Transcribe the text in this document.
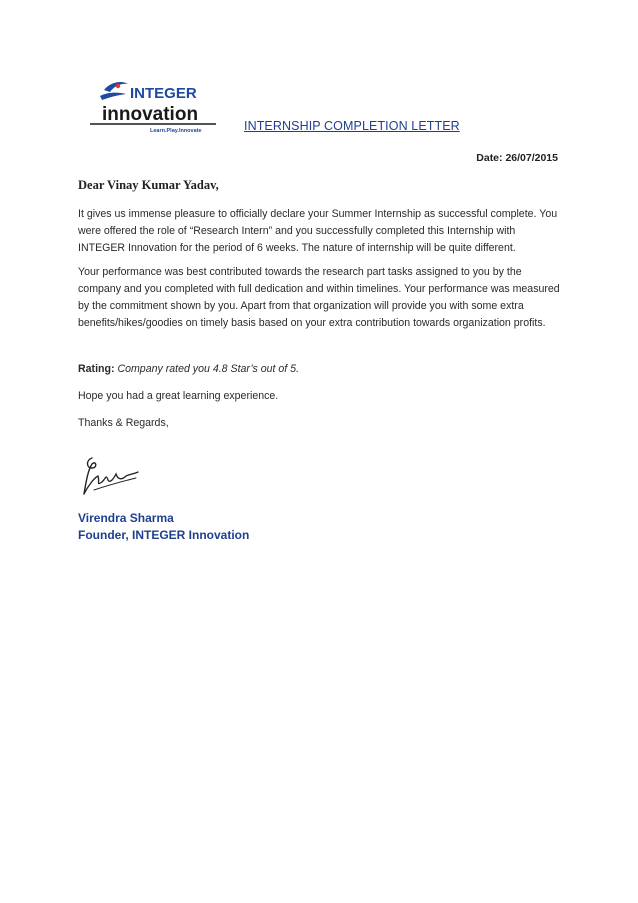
INTEGER
innovation
Learn.Play.Innovate	INTERNSHIP COMPLETION LETTER
Date: 26/07/2015
Dear Vinay Kumar Yadav,

It gives us immense pleasure to officially declare your Summer Internship as successful complete. You were offered the role of “Research Intern” and you successfully completed this Internship with INTEGER Innovation for the period of 6 weeks. The nature of internship will be quite different.

Your performance was best contributed towards the research part tasks assigned to you by the company and you completed with full dedication and within timelines. Your performance was measured by the commitment shown by you. Apart from that organization will provide you with some extra benefits/hikes/goodies on timely basis based on your extra contribution towards organization profits.

Rating: Company rated you 4.8 Star’s out of 5.
Hope you had a great learning experience.
Thanks & Regards,
Virendra Sharma
Founder, INTEGER Innovation
